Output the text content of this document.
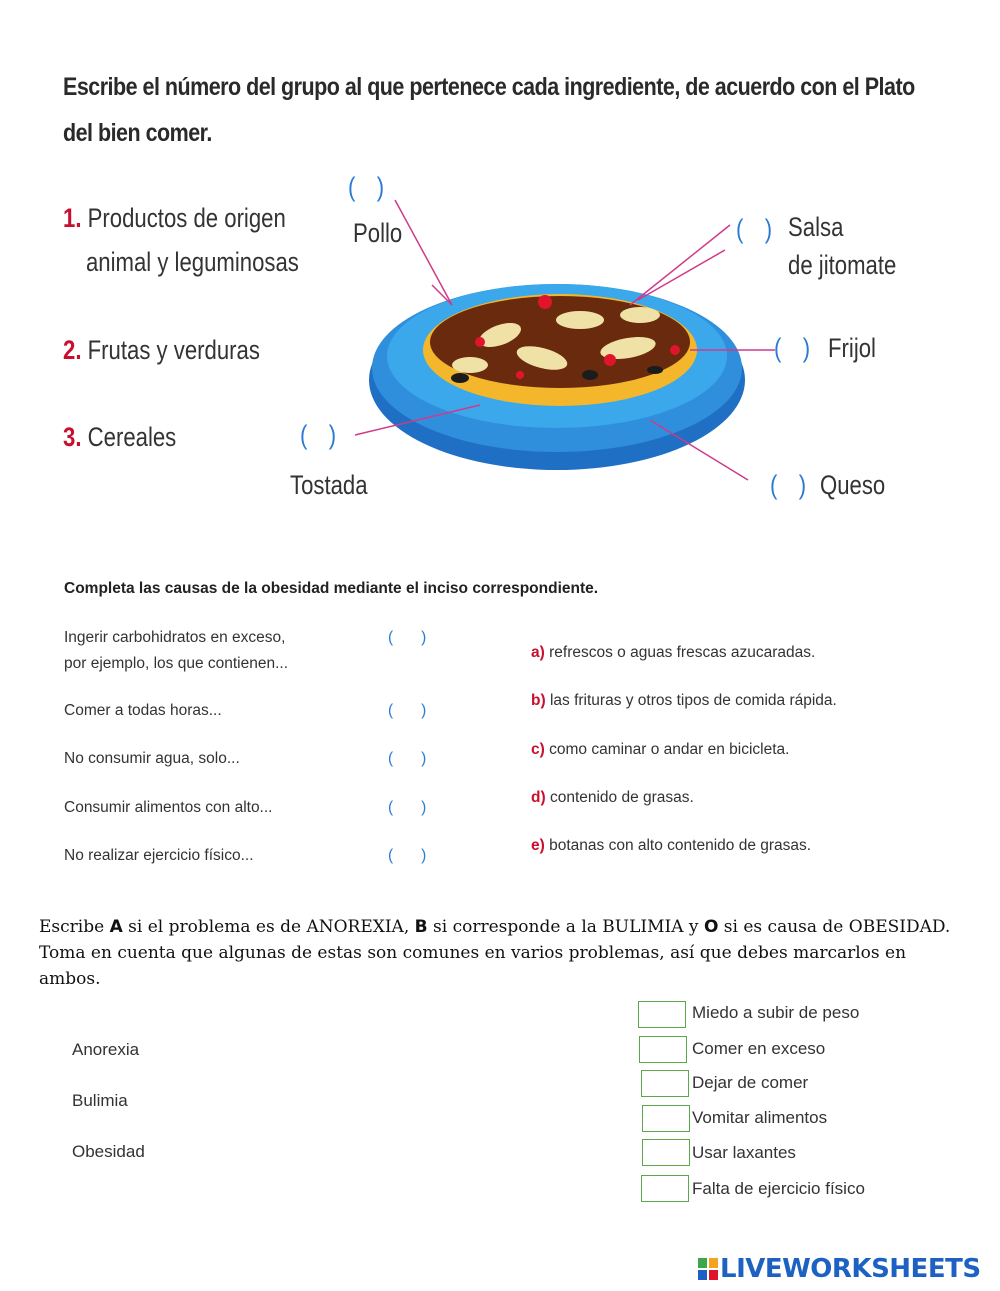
Escribe el número del grupo al que pertenece cada ingrediente, de acuerdo con el Plato del bien comer.
1. Productos de origen
animal y leguminosas
2. Frutas y verduras
3. Cereales
( )
Pollo	( ) Salsa
de jitomate
( ) Frijol
( )
Tostada	( ) Queso
Completa las causas de la obesidad mediante el inciso correspondiente.
Ingerir carbohidratos en exceso,
por ejemplo, los que contienen...
Comer a todas horas...
No consumir agua, solo...
Consumir alimentos con alto...
No realizar ejercicio físico...
( )
( )
( )
( )
( )
a) refrescos o aguas frescas azucaradas.
b) las frituras y otros tipos de comida rápida.
c) como caminar o andar en bicicleta.
d) contenido de grasas.
e) botanas con alto contenido de grasas.
Escribe A si el problema es de ANOREXIA, B si corresponde a la BULIMIA y O si es causa de OBESIDAD. Toma en cuenta que algunas de estas son comunes en varios problemas, así que debes marcarlos en ambos.
Anorexia
Bulimia
Obesidad
Miedo a subir de peso
Comer en exceso
Dejar de comer
Vomitar alimentos
Usar laxantes
Falta de ejercicio físico
LIVEWORKSHEETS
